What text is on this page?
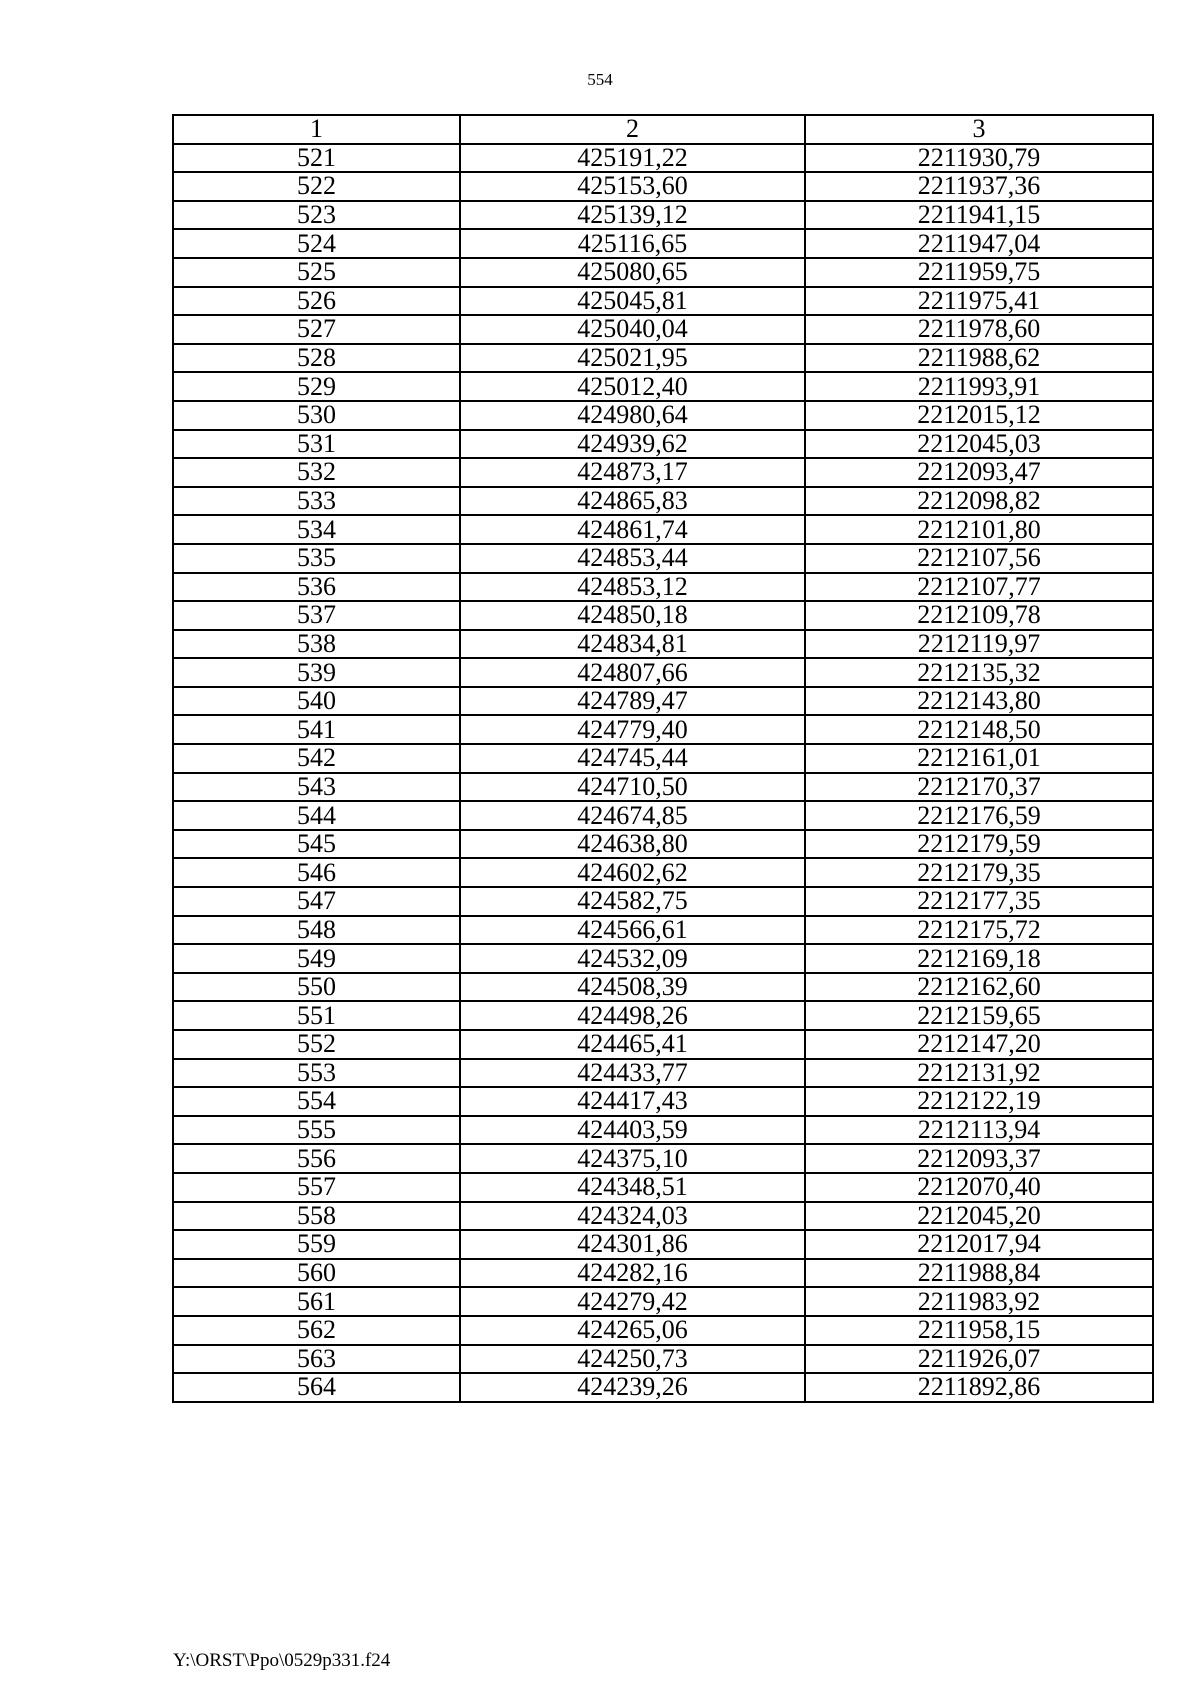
554
1	2	3
521	425191,22	2211930,79
522	425153,60	2211937,36
523	425139,12	2211941,15
524	425116,65	2211947,04
525	425080,65	2211959,75
526	425045,81	2211975,41
527	425040,04	2211978,60
528	425021,95	2211988,62
529	425012,40	2211993,91
530	424980,64	2212015,12
531	424939,62	2212045,03
532	424873,17	2212093,47
533	424865,83	2212098,82
534	424861,74	2212101,80
535	424853,44	2212107,56
536	424853,12	2212107,77
537	424850,18	2212109,78
538	424834,81	2212119,97
539	424807,66	2212135,32
540	424789,47	2212143,80
541	424779,40	2212148,50
542	424745,44	2212161,01
543	424710,50	2212170,37
544	424674,85	2212176,59
545	424638,80	2212179,59
546	424602,62	2212179,35
547	424582,75	2212177,35
548	424566,61	2212175,72
549	424532,09	2212169,18
550	424508,39	2212162,60
551	424498,26	2212159,65
552	424465,41	2212147,20
553	424433,77	2212131,92
554	424417,43	2212122,19
555	424403,59	2212113,94
556	424375,10	2212093,37
557	424348,51	2212070,40
558	424324,03	2212045,20
559	424301,86	2212017,94
560	424282,16	2211988,84
561	424279,42	2211983,92
562	424265,06	2211958,15
563	424250,73	2211926,07
564	424239,26	2211892,86
Y:\ORST\Ppo\0529p331.f24
